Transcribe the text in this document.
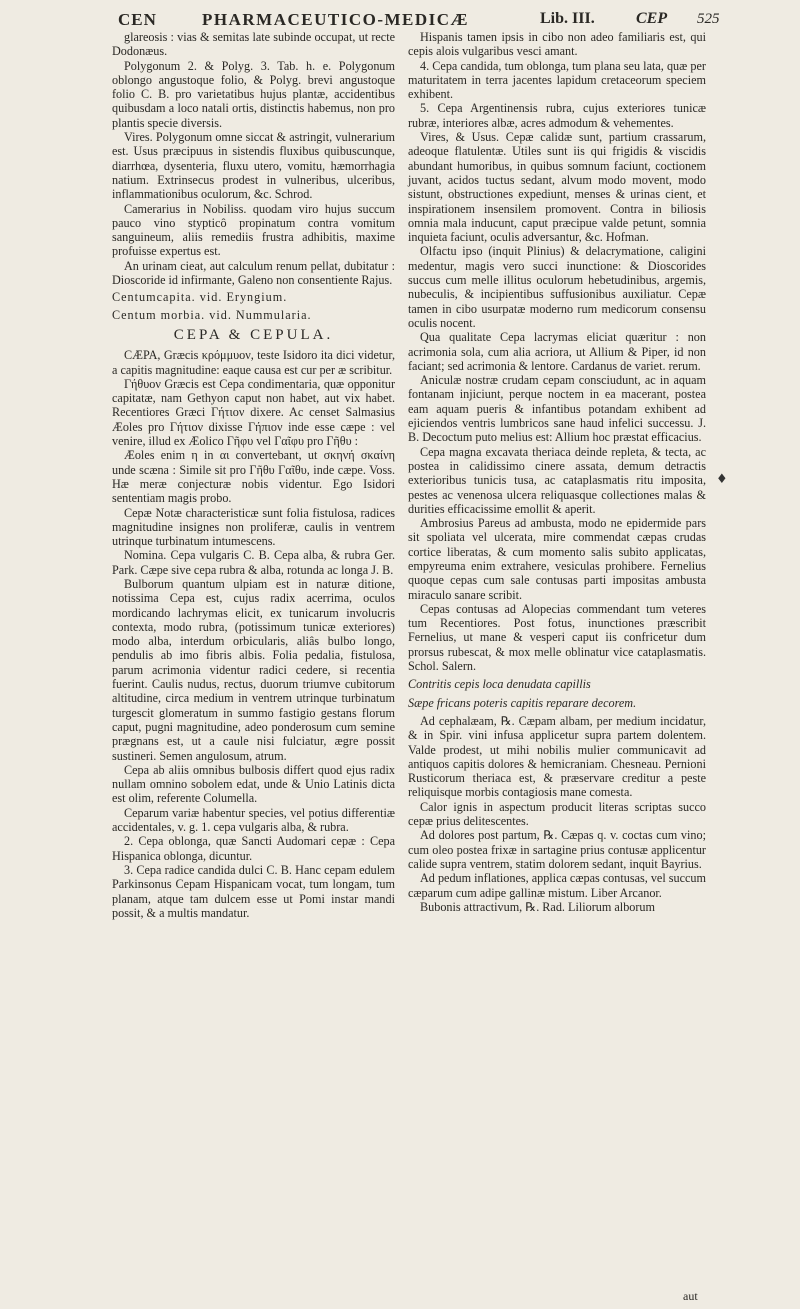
CEN	PHARMACEUTICO-MEDICÆ	Lib. III.	CEP 525

glareosis : vias & semitas late subinde occupat, ut recte Dodonæus.

Polygonum 2. & Polyg. 3. Tab. h. e. Polygonum oblongo angustoque folio, & Polyg. brevi angustoque folio C. B. pro varietatibus hujus plantæ, accidentibus quibusdam a loco natali ortis, distinctis habemus, non pro plantis specie diversis.

Vires. Polygonum omne siccat & astringit, vulnerarium est. Usus præcipuus in sistendis fluxibus quibuscunque, diarrhœa, dysenteria, fluxu utero, vomitu, hæmorrhagia natium. Extrinsecus prodest in vulneribus, ulceribus, inflammationibus oculorum, &c. Schrod.

Camerarius in Nobiliss. quodam viro hujus succum pauco vino stypticô propinatum contra vomitum sanguineum, aliis remediis frustra adhibitis, maxime profuisse expertus est.

An urinam cieat, aut calculum renum pellat, dubitatur : Dioscoride id infirmante, Galeno non consentiente Rajus.

Centumcapita. vid. Eryngium.

Centum morbia. vid. Nummularia.

CEPA & CEPULA.

CÆPA, Græcis κρόμμυον, teste Isidoro ita dici videtur, a capitis magnitudine: eaque causa est cur per æ scribitur.

Γήθυον Græcis est Cepa condimentaria, quæ opponitur capitatæ, nam Gethyon caput non habet, aut vix habet. Recentiores Græci Γήτιον dixere. Ac censet Salmasius Æoles pro Γήτιον dixisse Γήπιον inde esse cæpe : vel venire, illud ex Æolico Γῆφυ vel Γαῖφυ pro Γῆθυ :

Æoles enim η in αι convertebant, ut σκηνή σκαίνη unde scæna : Simile sit pro Γῆθυ Γαῖθυ, inde cæpe. Voss. Hæ meræ conjecturæ nobis videntur. Ego Isidori sententiam magis probo.

Cepæ Notæ characteristicæ sunt folia fistulosa, radices magnitudine insignes non proliferæ, caulis in ventrem utrinque turbinatum intumescens.

Nomina. Cepa vulgaris C. B. Cepa alba, & rubra Ger. Park. Cæpe sive cepa rubra & alba, rotunda ac longa J. B.

Bulborum quantum ulpiam est in naturæ ditione, notissima Cepa est, cujus radix acerrima, oculos mordicando lachrymas elicit, ex tunicarum involucris contexta, modo rubra, (potissimum tunicæ exteriores) modo alba, interdum orbicularis, aliâs bulbo longo, pendulis ab imo fibris albis. Folia pedalia, fistulosa, parum acrimonia videntur radici cedere, si recentia fuerint. Caulis nudus, rectus, duorum triumve cubitorum altitudine, circa medium in ventrem utrinque turbinatum turgescit glomeratum in summo fastigio gestans florum caput, pugni magnitudine, adeo ponderosum cum semine prægnans est, ut a caule nisi fulciatur, ægre possit sustineri. Semen angulosum, atrum.

Cepa ab aliis omnibus bulbosis differt quod ejus radix nullam omnino sobolem edat, unde & Unio Latinis dicta est olim, referente Columella.

Ceparum variæ habentur species, vel potius differentiæ accidentales, v. g. 1. cepa vulgaris alba, & rubra.

2. Cepa oblonga, quæ Sancti Audomari cepæ : Cepa Hispanica oblonga, dicuntur.

3. Cepa radice candida dulci C. B. Hanc cepam edulem Parkinsonus Cepam Hispanicam vocat, tum longam, tum planam, atque tam dulcem esse ut Pomi instar mandi possit, & a multis mandatur.

Hispanis tamen ipsis in cibo non adeo familiaris est, qui cepis alois vulgaribus vesci amant.

4. Cepa candida, tum oblonga, tum plana seu lata, quæ per maturitatem in terra jacentes lapidum cretaceorum speciem exhibent.

5. Cepa Argentinensis rubra, cujus exteriores tunicæ rubræ, interiores albæ, acres admodum & vehementes.

Vires, & Usus. Cepæ calidæ sunt, partium crassarum, adeoque flatulentæ. Utiles sunt iis qui frigidis & viscidis abundant humoribus, in quibus somnum faciunt, coctionem juvant, acidos tuctus sedant, alvum modo movent, modo sistunt, obstructiones expediunt, menses & urinas cient, et inspirationem insensilem promovent. Contra in biliosis omnia mala inducunt, caput præcipue valde petunt, somnia inquieta faciunt, oculis adversantur, &c. Hofman.

Olfactu ipso (inquit Plinius) & delacrymatione, caligini medentur, magis vero succi inunctione: & Dioscorides succus cum melle illitus oculorum hebetudinibus, argemis, nubeculis, & incipientibus suffusionibus auxiliatur. Cepæ tamen in cibo usurpatæ moderno rum medicorum consensu oculis nocent.

Qua qualitate Cepa lacrymas eliciat quæritur : non acrimonia sola, cum alia acriora, ut Allium & Piper, id non faciant; sed acrimonia & lentore. Cardanus de variet. rerum.

Aniculæ nostræ crudam cepam consciudunt, ac in aquam fontanam injiciunt, perque noctem in ea macerant, postea eam aquam pueris & infantibus potandam exhibent ad ejiciendos ventris lumbricos sane haud infelici successu. J. B. Decoctum puto melius est: Allium hoc præstat efficacius.

Cepa magna excavata theriaca deinde repleta, & tecta, ac postea in calidissimo cinere assata, demum detractis exterioribus tunicis tusa, ac cataplasmatis ritu imposita, pestes ac venenosa ulcera reliquasque collectiones malas & durities efficacissime emollit & aperit.

Ambrosius Pareus ad ambusta, modo ne epidermide pars sit spoliata vel ulcerata, mire commendat cæpas crudas cortice liberatas, & cum momento salis subito applicatas, empyreuma enim extrahere, vesiculas prohibere. Fernelius quoque cepas cum sale contusas parti impositas ambusta miraculo sanare scribit.

Cepas contusas ad Alopecias commendant tum veteres tum Recentiores. Post fotus, inunctiones præscribit Fernelius, ut mane & vesperi caput iis confricetur dum prorsus rubescat, & mox melle oblinatur vice cataplasmatis. Schol. Salern.

Contritis cepis loca denudata capillis

Sæpe fricans poteris capitis reparare decorem.

Ad cephalæam, ℞. Cæpam albam, per medium incidatur, & in Spir. vini infusa applicetur supra partem dolentem. Valde prodest, ut mihi nobilis mulier communicavit ad antiquos capitis dolores & hemicraniam. Chesneau. Pernioni Rusticorum theriaca est, & præservare creditur a peste reliquisque morbis contagiosis mane comesta.

Calor ignis in aspectum producit literas scriptas succo cepæ prius delitescentes.

Ad dolores post partum, ℞. Cæpas q. v. coctas cum vino; cum oleo postea frixæ in sartagine prius contusæ applicentur calide supra ventrem, statim dolorem sedant, inquit Bayrius.

Ad pedum inflationes, applica cæpas contusas, vel succum cæparum cum adipe gallinæ mistum. Liber Arcanor.

Bubonis attractivum, ℞. Rad. Liliorum alborum

♦
aut
